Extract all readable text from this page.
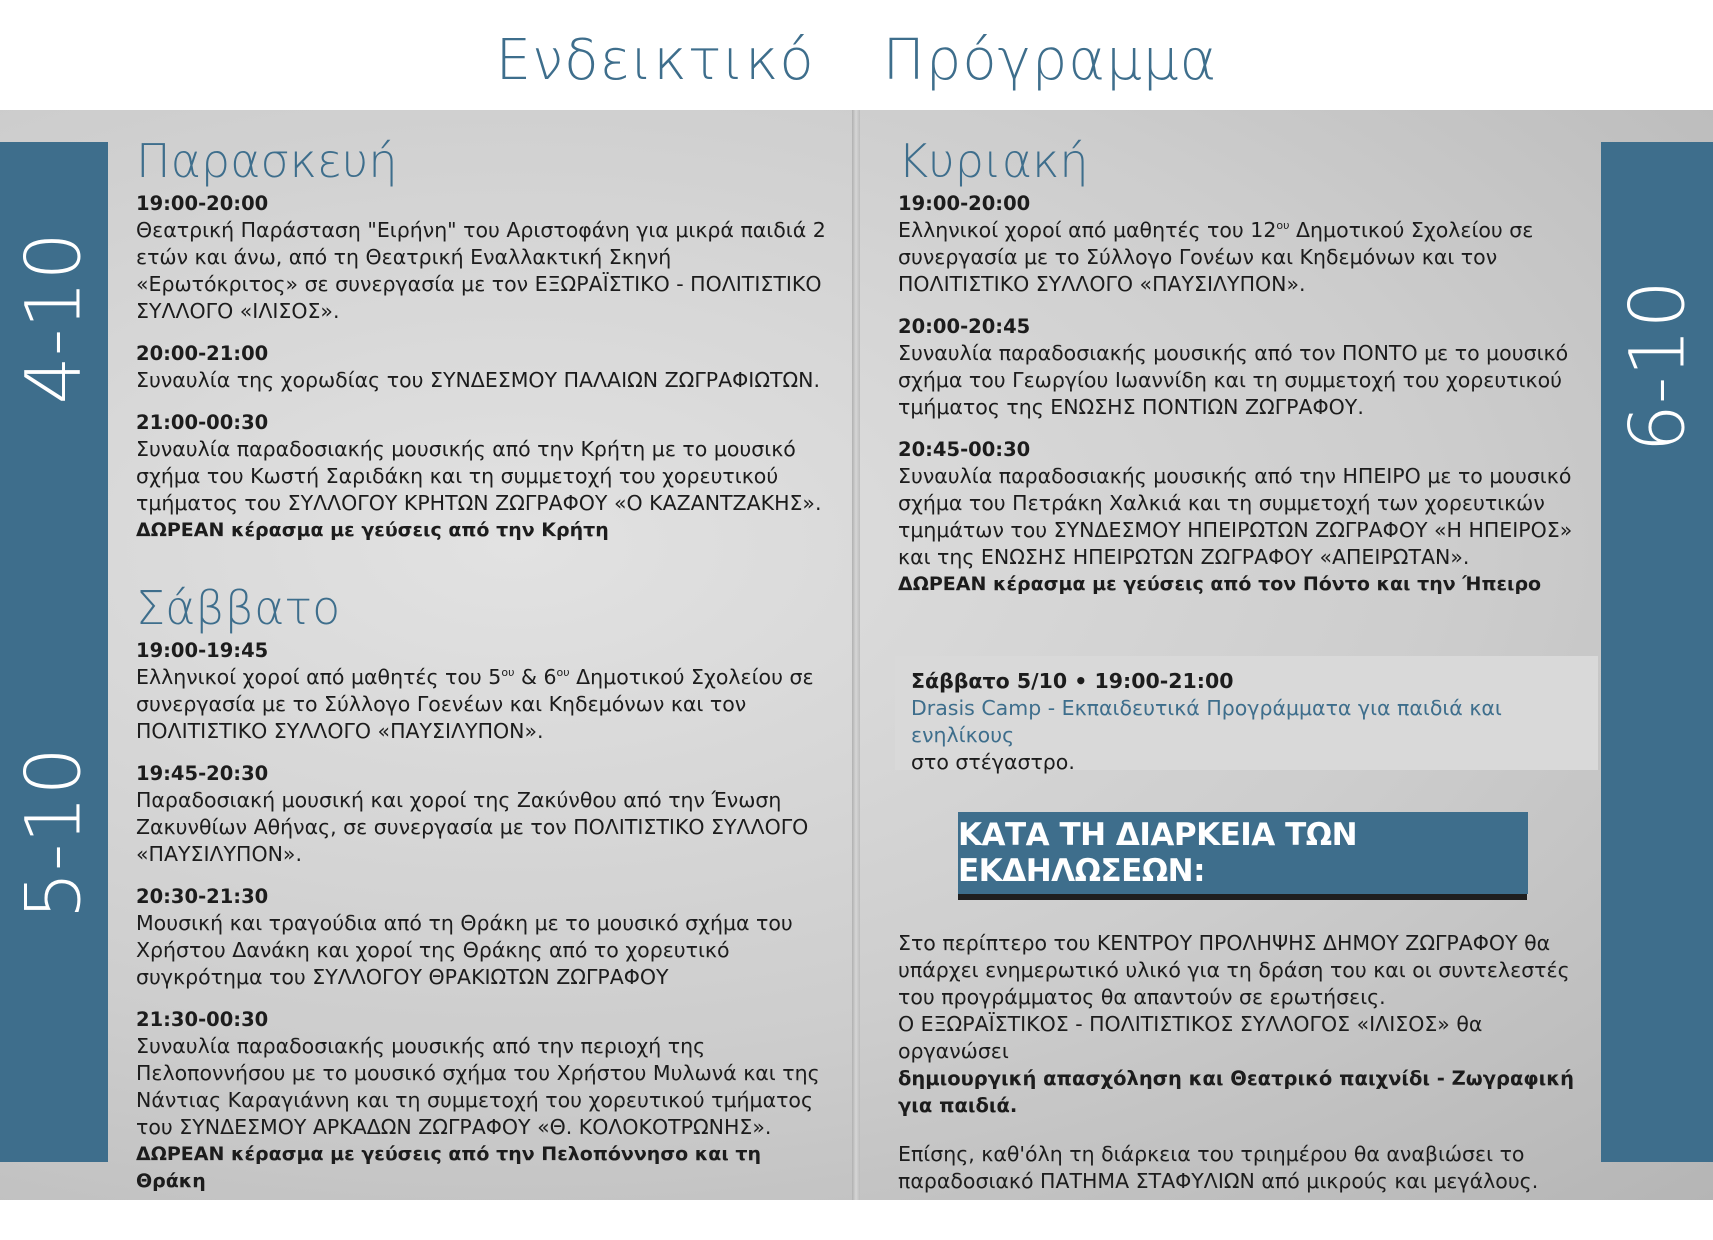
Ενδεικτικό Πρόγραμμα
4-10
5-10
6-10
Παρασκευή
19:00-20:00
Θεατρική Παράσταση "Ειρήνη" του Αριστοφάνη για μικρά παιδιά 2 ετών και άνω, από τη Θεατρική Εναλλακτική Σκηνή «Ερωτόκριτος» σε συνεργασία με τον ΕΞΩΡΑΪΣΤΙΚΟ - ΠΟΛΙΤΙΣΤΙΚΟ ΣΥΛΛΟΓΟ «ΙΛΙΣΟΣ».
20:00-21:00
Συναυλία της χορωδίας του ΣΥΝΔΕΣΜΟΥ ΠΑΛΑΙΩΝ ΖΩΓΡΑΦΙΩΤΩΝ.
21:00-00:30
Συναυλία παραδοσιακής μουσικής από την Κρήτη με το μουσικό σχήμα του Κωστή Σαριδάκη και τη συμμετοχή του χορευτικού τμήματος του ΣΥΛΛΟΓΟΥ ΚΡΗΤΩΝ ΖΩΓΡΑΦΟΥ «Ο ΚΑΖΑΝΤΖΑΚΗΣ».
ΔΩΡΕΑΝ κέρασμα με γεύσεις από την Κρήτη
Σάββατο
19:00-19:45
Ελληνικοί χοροί από μαθητές του $5^{o\upsilon}$ & $6^{o\upsilon}$ Δημοτικού Σχολείου σε συνεργασία με το Σύλλογο Γοενέων και Κηδεμόνων και τον ΠΟΛΙΤΙΣΤΙΚΟ ΣΥΛΛΟΓΟ «ΠΑΥΣΙΛΥΠΟΝ».
19:45-20:30
Παραδοσιακή μουσική και χοροί της Ζακύνθου από την Ένωση Ζακυνθίων Αθήνας, σε συνεργασία με τον ΠΟΛΙΤΙΣΤΙΚΟ ΣΥΛΛΟΓΟ «ΠΑΥΣΙΛΥΠΟΝ».
20:30-21:30
Μουσική και τραγούδια από τη Θράκη με το μουσικό σχήμα του Χρήστου Δανάκη και χοροί της Θράκης από το χορευτικό συγκρότημα του ΣΥΛΛΟΓΟΥ ΘΡΑΚΙΩΤΩΝ ΖΩΓΡΑΦΟΥ
21:30-00:30
Συναυλία παραδοσιακής μουσικής από την περιοχή της Πελοποννήσου με το μουσικό σχήμα του Χρήστου Μυλωνά και της Νάντιας Καραγιάννη και τη συμμετοχή του χορευτικού τμήματος του ΣΥΝΔΕΣΜΟΥ ΑΡΚΑΔΩΝ ΖΩΓΡΑΦΟΥ «Θ. ΚΟΛΟΚΟΤΡΩΝΗΣ».
ΔΩΡΕΑΝ κέρασμα με γεύσεις από την Πελοπόννησο και τη Θράκη
Κυριακή
19:00-20:00
Ελληνικοί χοροί από μαθητές του $12^{o\upsilon}$ Δημοτικού Σχολείου σε συνεργασία με το Σύλλογο Γονέων και Κηδεμόνων και τον ΠΟΛΙΤΙΣΤΙΚΟ ΣΥΛΛΟΓΟ «ΠΑΥΣΙΛΥΠΟΝ».
20:00-20:45
Συναυλία παραδοσιακής μουσικής από τον ΠΟΝΤΟ με το μουσικό σχήμα του Γεωργίου Ιωαννίδη και τη συμμετοχή του χορευτικού τμήματος της ΕΝΩΣΗΣ ΠΟΝΤΙΩΝ ΖΩΓΡΑΦΟΥ.
20:45-00:30
Συναυλία παραδοσιακής μουσικής από την ΗΠΕΙΡΟ με το μουσικό σχήμα του Πετράκη Χαλκιά και τη συμμετοχή των χορευτικών τμημάτων του ΣΥΝΔΕΣΜΟΥ ΗΠΕΙΡΩΤΩΝ ΖΩΓΡΑΦΟΥ «Η ΗΠΕΙΡΟΣ» και της ΕΝΩΣΗΣ ΗΠΕΙΡΩΤΩΝ ΖΩΓΡΑΦΟΥ «ΑΠΕΙΡΩΤΑΝ».
ΔΩΡΕΑΝ κέρασμα με γεύσεις από τον Πόντο και την Ήπειρο
Σάββατο 5/10 • 19:00-21:00
Drasis Camp - Εκπαιδευτικά Προγράμματα για παιδιά και ενηλίκους
στο στέγαστρο.
ΚΑΤΑ ΤΗ ΔΙΑΡΚΕΙΑ ΤΩΝ ΕΚΔΗΛΩΣΕΩΝ:
Στο περίπτερο του ΚΕΝΤΡΟΥ ΠΡΟΛΗΨΗΣ ΔΗΜΟΥ ΖΩΓΡΑΦΟΥ θα υπάρχει ενημερωτικό υλικό για τη δράση του και οι συντελεστές του προγράμματος θα απαντούν σε ερωτήσεις.
Ο ΕΞΩΡΑΪΣΤΙΚΟΣ - ΠΟΛΙΤΙΣΤΙΚΟΣ ΣΥΛΛΟΓΟΣ «ΙΛΙΣΟΣ» θα οργανώσει
δημιουργική απασχόληση και Θεατρικό παιχνίδι - Ζωγραφική για παιδιά.
Επίσης, καθ'όλη τη διάρκεια του τριημέρου θα αναβιώσει το παραδοσιακό ΠΑΤΗΜΑ ΣΤΑΦΥΛΙΩΝ από μικρούς και μεγάλους.
